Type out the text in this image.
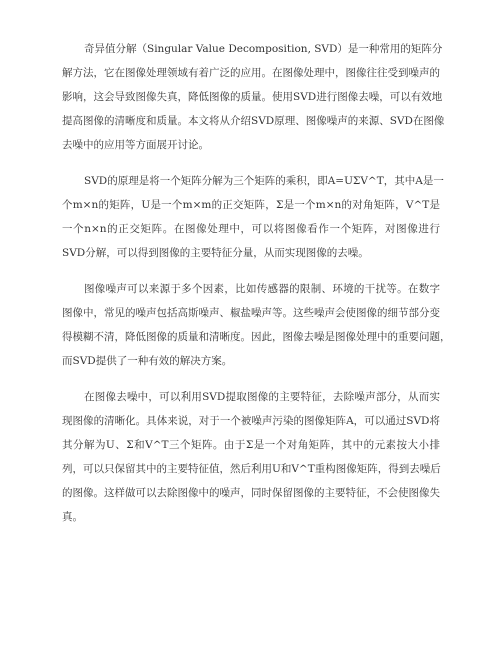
奇异值分解（Singular Value Decomposition, SVD）是一种常用的矩阵分
解方法，它在图像处理领域有着广泛的应用。在图像处理中，图像往往受到噪声的
影响，这会导致图像失真，降低图像的质量。使用SVD进行图像去噪，可以有效地
提高图像的清晰度和质量。本文将从介绍SVD原理、图像噪声的来源、SVD在图像
去噪中的应用等方面展开讨论。

SVD的原理是将一个矩阵分解为三个矩阵的乘积，即A=UΣV^T，其中A是一
个m×n的矩阵，U是一个m×m的正交矩阵，Σ是一个m×n的对角矩阵，V^T是
一个n×n的正交矩阵。在图像处理中，可以将图像看作一个矩阵，对图像进行
SVD分解，可以得到图像的主要特征分量，从而实现图像的去噪。

图像噪声可以来源于多个因素，比如传感器的限制、环境的干扰等。在数字
图像中，常见的噪声包括高斯噪声、椒盐噪声等。这些噪声会使图像的细节部分变
得模糊不清，降低图像的质量和清晰度。因此，图像去噪是图像处理中的重要问题，
而SVD提供了一种有效的解决方案。

在图像去噪中，可以利用SVD提取图像的主要特征，去除噪声部分，从而实
现图像的清晰化。具体来说，对于一个被噪声污染的图像矩阵A，可以通过SVD将
其分解为U、Σ和V^T三个矩阵。由于Σ是一个对角矩阵，其中的元素按大小排
列，可以只保留其中的主要特征值，然后利用U和V^T重构图像矩阵，得到去噪后
的图像。这样做可以去除图像中的噪声，同时保留图像的主要特征，不会使图像失
真。
